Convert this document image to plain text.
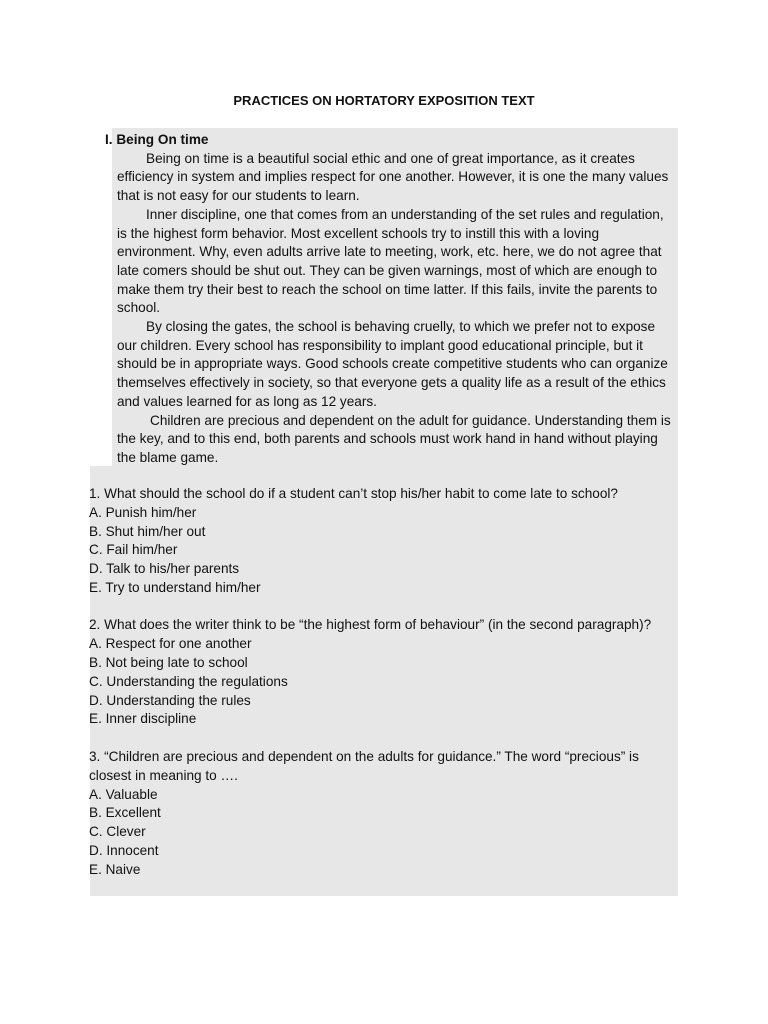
PRACTICES ON HORTATORY EXPOSITION TEXT
I. Being On time

Being on time is a beautiful social ethic and one of great importance, as it creates efficiency in system and implies respect for one another. However, it is one the many values that is not easy for our students to learn.

Inner discipline, one that comes from an understanding of the set rules and regulation, is the highest form behavior. Most excellent schools try to instill this with a loving environment. Why, even adults arrive late to meeting, work, etc. here, we do not agree that late comers should be shut out. They can be given warnings, most of which are enough to make them try their best to reach the school on time latter. If this fails, invite the parents to school.

By closing the gates, the school is behaving cruelly, to which we prefer not to expose our children. Every school has responsibility to implant good educational principle, but it should be in appropriate ways. Good schools create competitive students who can organize themselves effectively in society, so that everyone gets a quality life as a result of the ethics and values learned for as long as 12 years.

Children are precious and dependent on the adult for guidance. Understanding them is the key, and to this end, both parents and schools must work hand in hand without playing the blame game.

1. What should the school do if a student can’t stop his/her habit to come late to school?
A. Punish him/her
B. Shut him/her out
C. Fail him/her
D. Talk to his/her parents
E. Try to understand him/her
2. What does the writer think to be “the highest form of behaviour” (in the second paragraph)?
A. Respect for one another
B. Not being late to school
C. Understanding the regulations
D. Understanding the rules
E. Inner discipline
3. “Children are precious and dependent on the adults for guidance.” The word “precious” is closest in meaning to ….
A. Valuable
B. Excellent
C. Clever
D. Innocent
E. Naive
